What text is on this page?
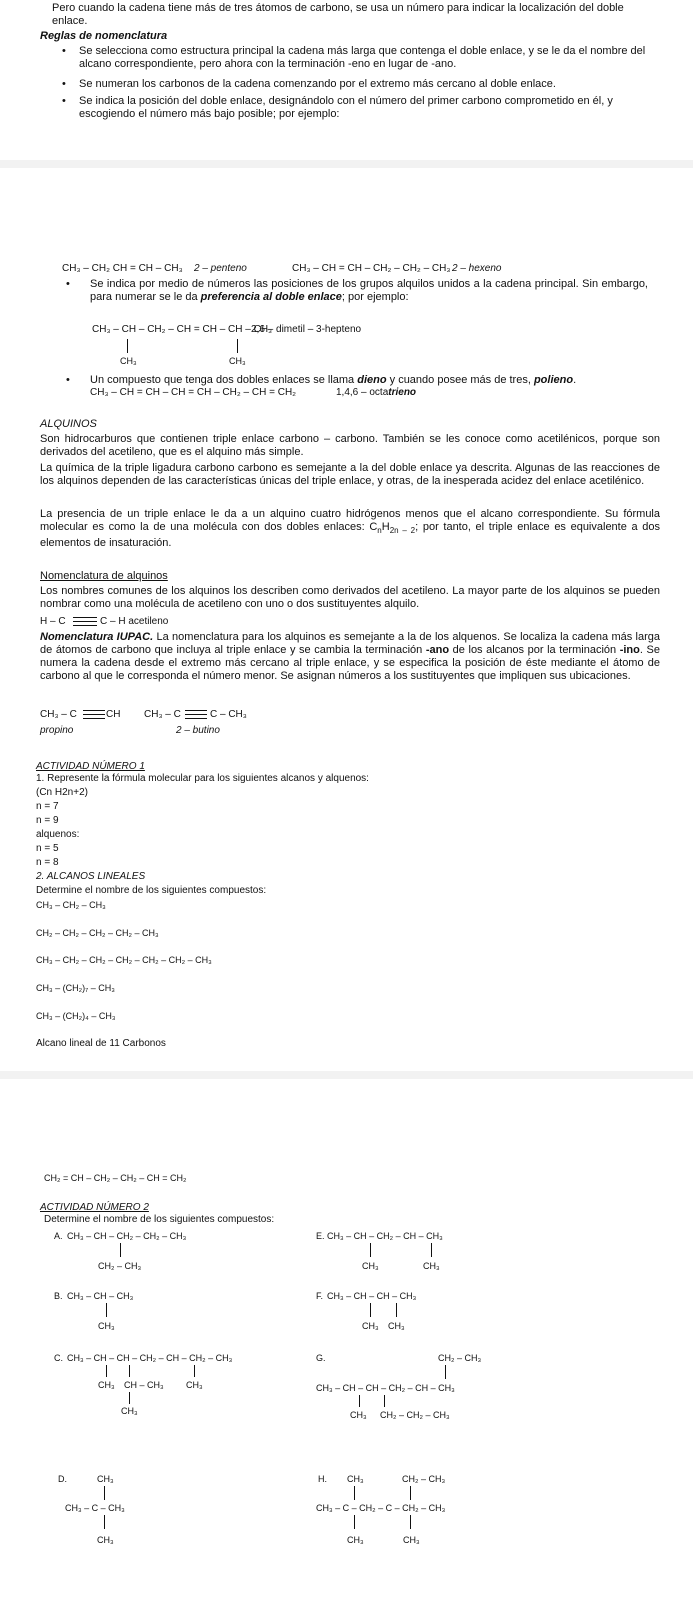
Pero cuando la cadena tiene más de tres átomos de carbono, se usa un número para indicar la localización del doble
enlace.
Reglas de nomenclatura
• Se selecciona como estructura principal la cadena más larga que contenga el doble enlace, y se le da el nombre del alcano correspondiente, pero ahora con la terminación -eno en lugar de -ano.
• Se numeran los carbonos de la cadena comenzando por el extremo más cercano al doble enlace.
• Se indica la posición del doble enlace, designándolo con el número del primer carbono comprometido en él, y escogiendo el número más bajo posible; por ejemplo:
CH₃ – CH₂ CH = CH – CH₃ 2 – penteno	CH₃ – CH = CH – CH₂ – CH₂ – CH₃ 2 – hexeno
• Se indica por medio de números las posiciones de los grupos alquilos unidos a la cadena principal. Sin embargo, para numerar se le da preferencia al doble enlace; por ejemplo:
CH₃ – CH – CH₂ – CH = CH – CH – CH₃
2,6 – dimetil – 3-hepteno
CH₃	CH₃
• Un compuesto que tenga dos dobles enlaces se llama dieno y cuando posee más de tres, polieno.
CH₃ – CH = CH – CH = CH – CH₂ – CH = CH₂	1,4,6 – octatrieno
ALQUINOS
Son hidrocarburos que contienen triple enlace carbono – carbono. También se les conoce como acetilénicos, porque son derivados del acetileno, que es el alquino más simple.
La química de la triple ligadura carbono carbono es semejante a la del doble enlace ya descrita. Algunas de las reacciones de los alquinos dependen de las características únicas del triple enlace, y otras, de la inesperada acidez del enlace acetilénico.
La presencia de un triple enlace le da a un alquino cuatro hidrógenos menos que el alcano correspondiente. Su fórmula molecular es como la de una molécula con dos dobles enlaces: $C_nH_{2n - 2}$; por tanto, el triple enlace es equivalente a dos elementos de insaturación.
Nomenclatura de alquinos
Los nombres comunes de los alquinos los describen como derivados del acetileno. La mayor parte de los alquinos se pueden nombrar como una molécula de acetileno con uno o dos sustituyentes alquilo.
H – C	C – H acetileno
Nomenclatura IUPAC. La nomenclatura para los alquinos es semejante a la de los alquenos. Se localiza la cadena más larga de átomos de carbono que incluya al triple enlace y se cambia la terminación -ano de los alcanos por la terminación -ino. Se numera la cadena desde el extremo más cercano al triple enlace, y se especifica la posición de éste mediante el átomo de carbono al que le corresponda el número menor. Se asignan números a los sustituyentes que impliquen sus ubicaciones.
CH₃ – C	CH
propino
CH₃ – C	C – CH₃
2 – butino
ACTIVIDAD NÚMERO 1
1. Represente la fórmula molecular para los siguientes alcanos y alquenos:
(Cn H2n+2)
n = 7
n = 9
alquenos:
n = 5
n = 8
2. ALCANOS LINEALES
Determine el nombre de los siguientes compuestos:
CH₃ – CH₂ – CH₃
CH₂ – CH₂ – CH₂ – CH₂ – CH₃
CH₃ – CH₂ – CH₂ – CH₂ – CH₂ – CH₂ – CH₃
CH₃ – (CH₂)₇ – CH₃
CH₃ – (CH₂)₄ – CH₃
Alcano lineal de 11 Carbonos
CH₂ = CH – CH₂ – CH₂ – CH = CH₂
ACTIVIDAD NÚMERO 2
Determine el nombre de los siguientes compuestos:
A. CH₃ – CH – CH₂ – CH₂ – CH₃
CH₂ – CH₃
B. CH₃ – CH – CH₃
CH₃
C. CH₃ – CH – CH – CH₂ – CH – CH₂ – CH₃
CH₃ CH – CH₃ CH₃
CH₃
D.	CH₃
CH₃ – C – CH₃
CH₃
E. CH₃ – CH – CH₂ – CH – CH₃
CH₃	CH₃
F. CH₃ – CH – CH – CH₃
CH₃ CH₃
G.	CH₂ – CH₃
CH₃ – CH – CH – CH₂ – CH – CH₃
CH₃ CH₂ – CH₂ – CH₃
H. CH₃	CH₂ – CH₃
CH₃ – C – CH₂ – C – CH₂ – CH₃
CH₃	CH₃
